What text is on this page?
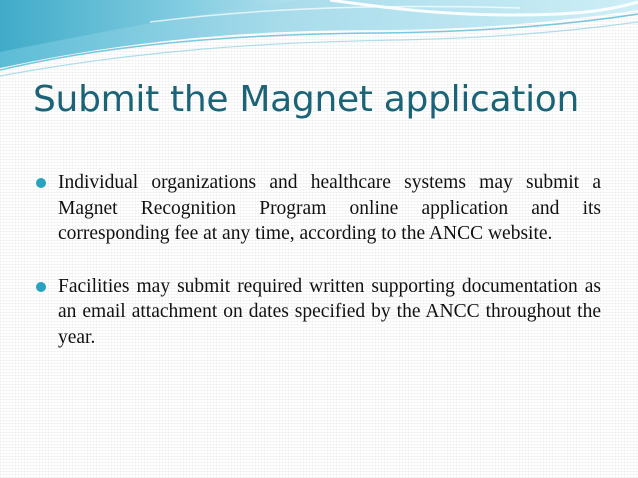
Submit the Magnet application
Individual organizations and healthcare systems may submit a Magnet Recognition Program online application and its corresponding fee at any time, according to the ANCC website.
Facilities may submit required written supporting documentation as an email attachment on dates specified by the ANCC throughout the year.
